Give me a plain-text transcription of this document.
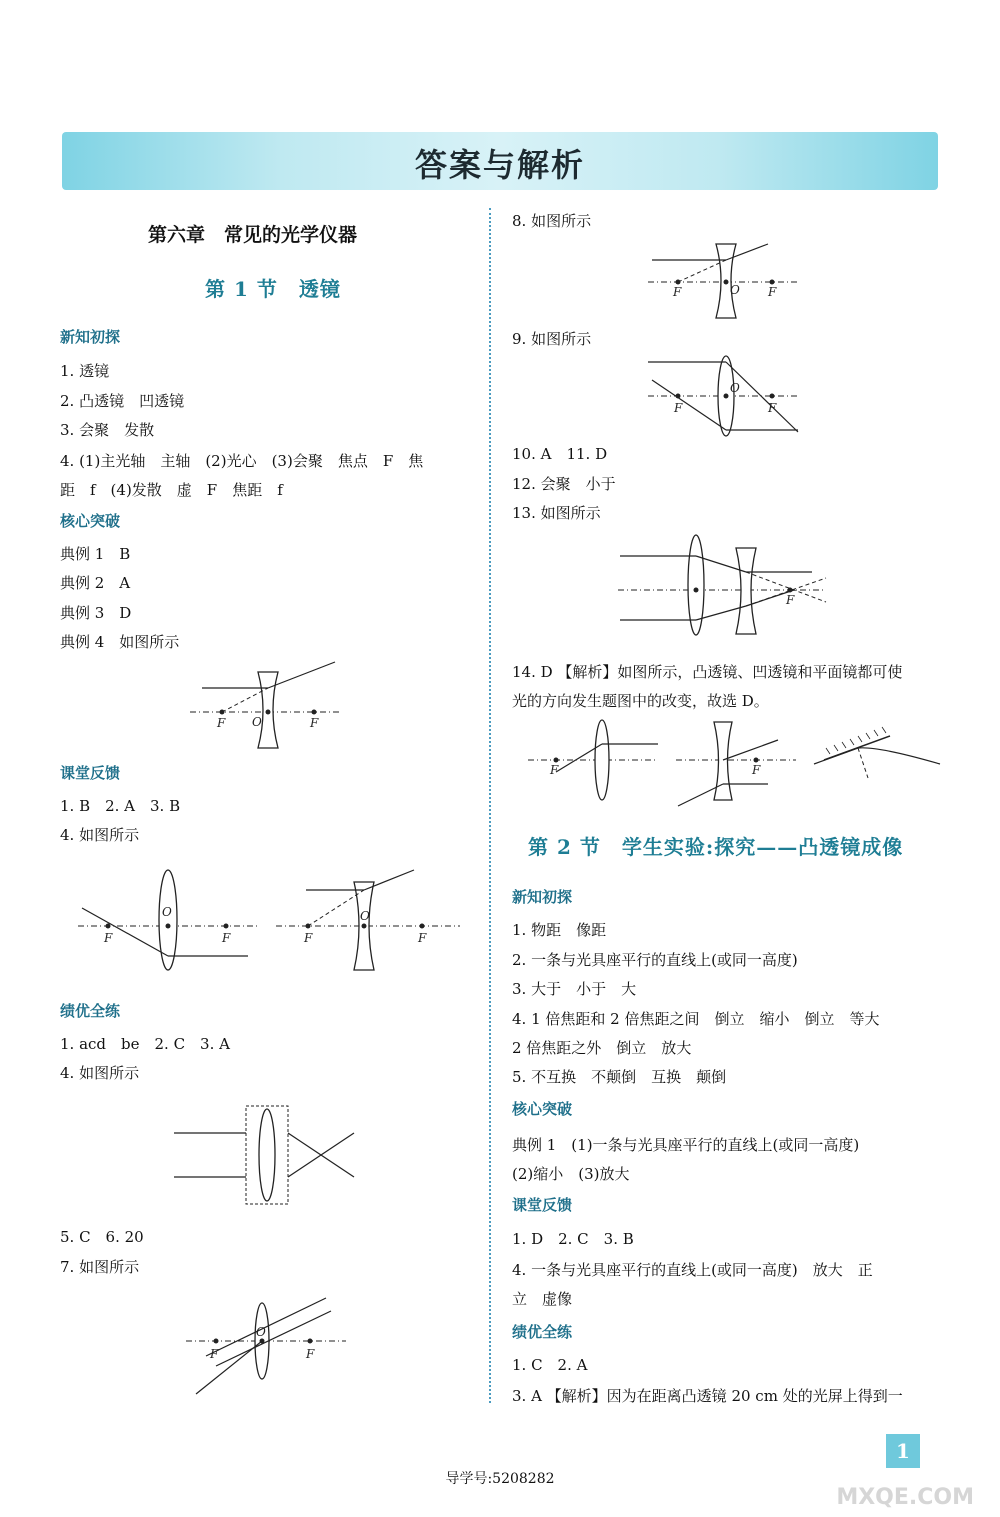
答案与解析
第六章　常见的光学仪器
第 1 节　透镜
新知初探
1. 透镜
2. 凸透镜　凹透镜
3. 会聚　发散
4. (1)主光轴　主轴　(2)光心　(3)会聚　焦点　F　焦
距　f　(4)发散　虚　F　焦距　f
核心突破
典例 1　B
典例 2　A
典例 3　D
典例 4　如图所示
F O	F
课堂反馈
1. B　2. A　3. B
4. 如图所示
F
O
F	F
O
F
绩优全练
1. acd　be　2. C　3. A
4. 如图所示
5. C　6. 20
7. 如图所示
F
O
F
8. 如图所示
F	O F
9. 如图所示
F
O
F
10. A　11. D
12. 会聚　小于
13. 如图所示
F
14. D 【解析】如图所示，凸透镜、凹透镜和平面镜都可使
光的方向发生题图中的改变，故选 D。
F	F
第 2 节　学生实验:探究——凸透镜成像
新知初探
1. 物距　像距
2. 一条与光具座平行的直线上(或同一高度)
3. 大于　小于　大
4. 1 倍焦距和 2 倍焦距之间　倒立　缩小　倒立　等大
2 倍焦距之外　倒立　放大
5. 不互换　不颠倒　互换　颠倒
核心突破
典例 1　(1)一条与光具座平行的直线上(或同一高度)
(2)缩小　(3)放大
课堂反馈
1. D　2. C　3. B
4. 一条与光具座平行的直线上(或同一高度)　放大　正
立　虚像
绩优全练
1. C　2. A
3. A 【解析】因为在距离凸透镜 20 cm 处的光屏上得到一
导学号:5208282
1
MXQE.COM
